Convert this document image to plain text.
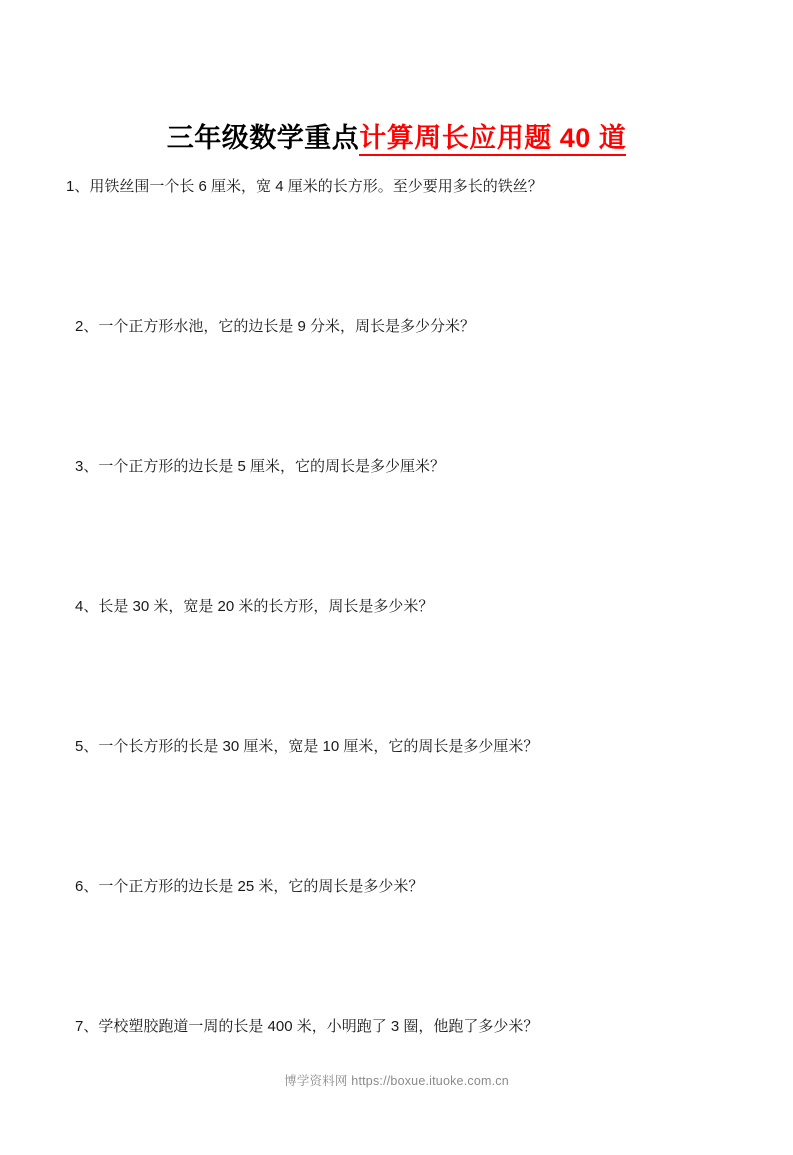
三年级数学重点计算周长应用题 40 道

1、用铁丝围一个长 6 厘米，宽 4 厘米的长方形。至少要用多长的铁丝？

2、一个正方形水池，它的边长是 9 分米，周长是多少分米？

3、一个正方形的边长是 5 厘米，它的周长是多少厘米？

4、长是 30 米，宽是 20 米的长方形，周长是多少米？

5、一个长方形的长是 30 厘米，宽是 10 厘米，它的周长是多少厘米？

6、一个正方形的边长是 25 米，它的周长是多少米？

7、学校塑胶跑道一周的长是 400 米，小明跑了 3 圈，他跑了多少米？

博学资料网 https://boxue.ituoke.com.cn
